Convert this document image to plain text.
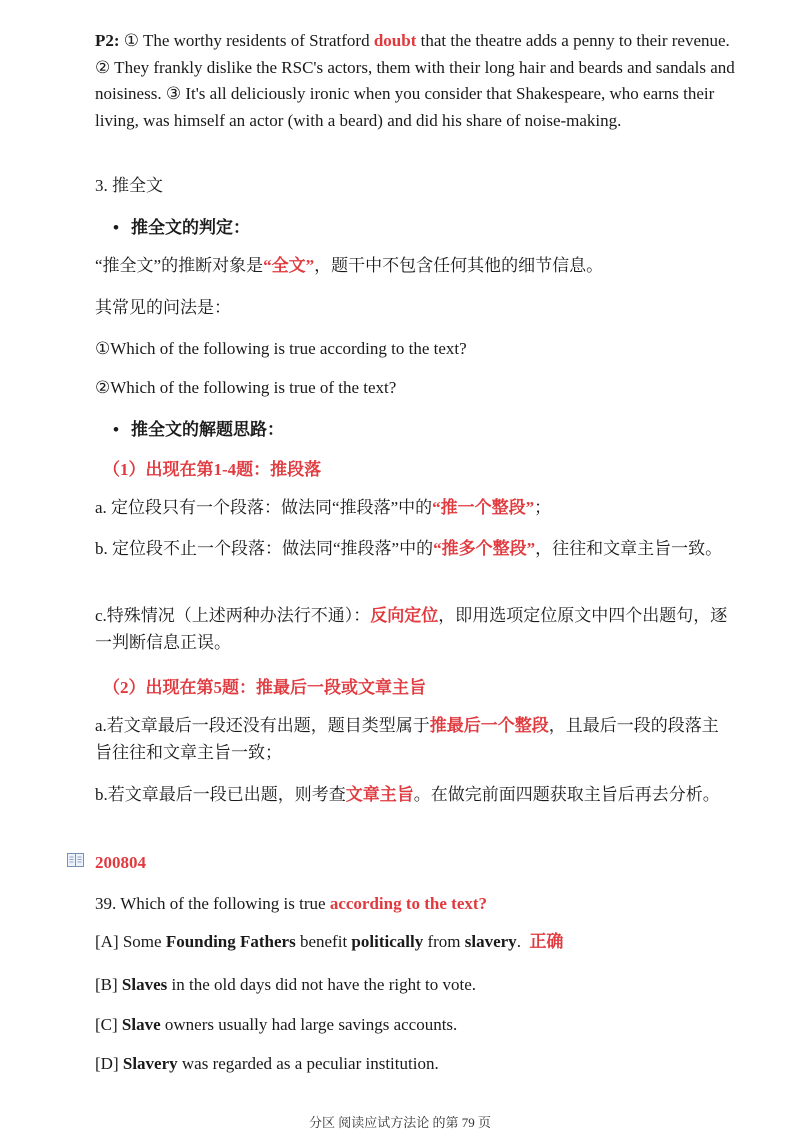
P2: ① The worthy residents of Stratford doubt that the theatre adds a penny to their revenue. ② They frankly dislike the RSC's actors, them with their long hair and beards and sandals and noisiness. ③ It's all deliciously ironic when you consider that Shakespeare, who earns their living, was himself an actor (with a beard) and did his share of noise-making.
3. 推全文
• 推全文的判定：
“推全文”的推断对象是“全文”，题干中不包含任何其他的细节信息。
其常见的问法是：
①Which of the following is true according to the text?
②Which of the following is true of the text?
• 推全文的解题思路：
（1）出现在第1-4题：推段落
a. 定位段只有一个段落：做法同“推段落”中的“推一个整段”；
b. 定位段不止一个段落：做法同“推段落”中的“推多个整段”，往往和文章主旨一致。
c.特殊情况（上述两种办法行不通）：反向定位，即用选项定位原文中四个出题句，逐一判断信息正误。
（2）出现在第5题：推最后一段或文章主旨
a.若文章最后一段还没有出题，题目类型属于推最后一个整段，且最后一段的段落主旨往往和文章主旨一致；
b.若文章最后一段已出题，则考查文章主旨。在做完前面四题获取主旨后再去分析。
200804
39. Which of the following is true according to the text?
[A] Some Founding Fathers benefit politically from slavery. 正确
[B] Slaves in the old days did not have the right to vote.
[C] Slave owners usually had large savings accounts.
[D] Slavery was regarded as a peculiar institution.
分区 阅读应试方法论 的第 79 页
